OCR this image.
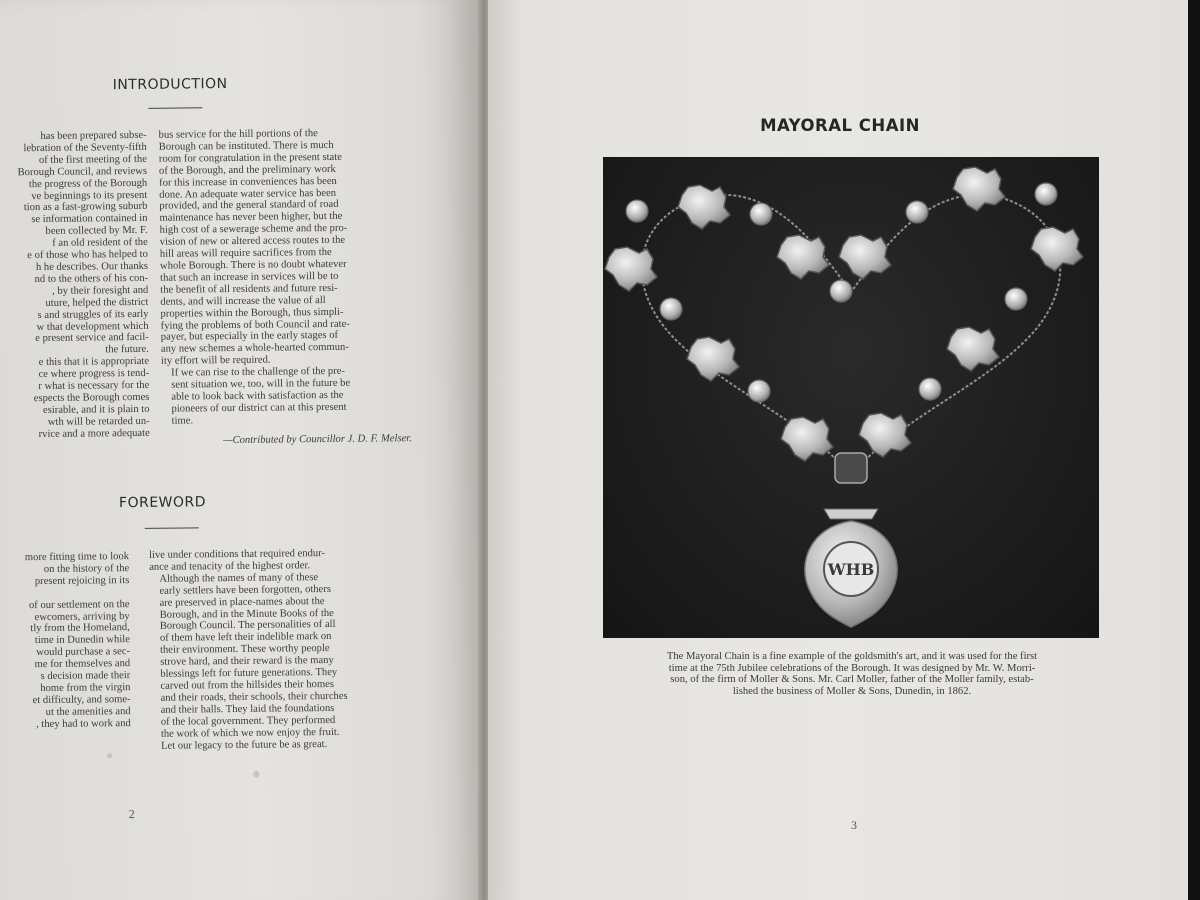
INTRODUCTION
has been prepared subse-
lebration of the Seventy-fifth
of the first meeting of the
Borough Council, and reviews
the progress of the Borough
ve beginnings to its present
tion as a fast-growing suburb
se information contained in
been collected by Mr. F.
f an old resident of the
e of those who has helped to
h he describes. Our thanks
nd to the others of his con-
, by their foresight and
uture, helped the district
s and struggles of its early
w that development which
e present service and facil-
the future.
e this that it is appropriate
ce where progress is tend-
r what is necessary for the
espects the Borough comes
esirable, and it is plain to
wth will be retarded un-
rvice and a more adequate
bus service for the hill portions of the
Borough can be instituted. There is much
room for congratulation in the present state
of the Borough, and the preliminary work
for this increase in conveniences has been
done. An adequate water service has been
provided, and the general standard of road
maintenance has never been higher, but the
high cost of a sewerage scheme and the pro-
vision of new or altered access routes to the
hill areas will require sacrifices from the
whole Borough. There is no doubt whatever
that such an increase in services will be to
the benefit of all residents and future resi-
dents, and will increase the value of all
properties within the Borough, thus simpli-
fying the problems of both Council and rate-
payer, but especially in the early stages of
any new schemes a whole-hearted commun-
ity effort will be required.
If we can rise to the challenge of the pre-
sent situation we, too, will in the future be
able to look back with satisfaction as the
pioneers of our district can at this present
time.
—Contributed by Councillor J. D. F. Melser.
FOREWORD
more fitting time to look
on the history of the
present rejoicing in its

of our settlement on the
ewcomers, arriving by
tly from the Homeland,
time in Dunedin while
would purchase a sec-
me for themselves and
s decision made their
home from the virgin
et difficulty, and some-
ut the amenities and
, they had to work and
live under conditions that required endur-
ance and tenacity of the highest order.
Although the names of many of these
early settlers have been forgotten, others
are preserved in place-names about the
Borough, and in the Minute Books of the
Borough Council. The personalities of all
of them have left their indelible mark on
their environment. These worthy people
strove hard, and their reward is the many
blessings left for future generations. They
carved out from the hillsides their homes
and their roads, their schools, their churches
and their halls. They laid the foundations
of the local government. They performed
the work of which we now enjoy the fruit.
Let our legacy to the future be as great.
2
MAYORAL CHAIN
WHB
The Mayoral Chain is a fine example of the goldsmith's art, and it was used for the first
time at the 75th Jubilee celebrations of the Borough. It was designed by Mr. W. Morri-
son, of the firm of Moller & Sons. Mr. Carl Moller, father of the Moller family, estab-
lished the business of Moller & Sons, Dunedin, in 1862.
3
